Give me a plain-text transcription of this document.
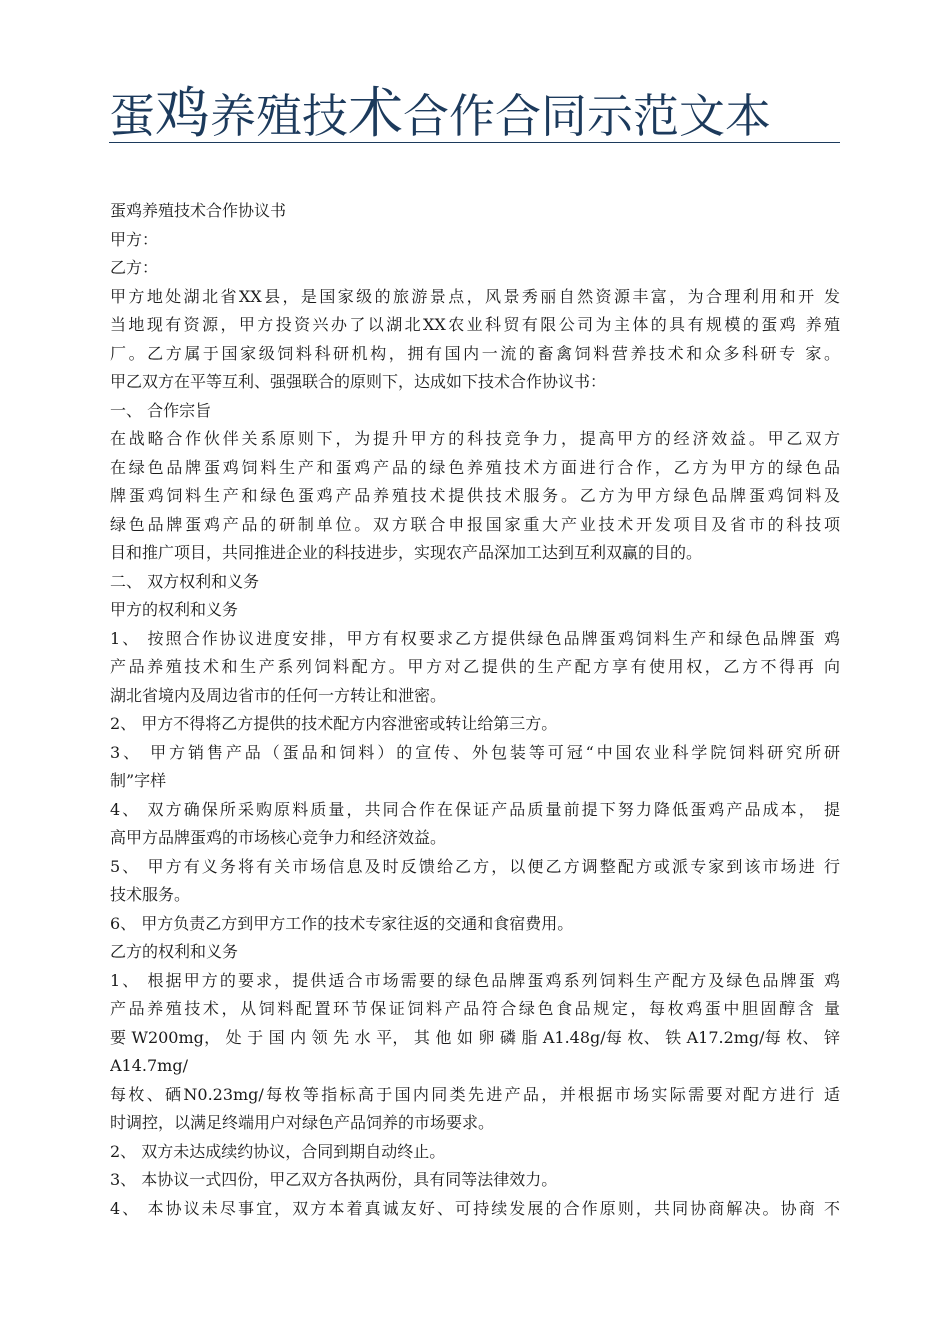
蛋鸡养殖技术合作合同示范文本
蛋鸡养殖技术合作协议书
甲方：
乙方：
甲方地处湖北省XX县，是国家级的旅游景点，风景秀丽自然资源丰富，为合理利用和开 发
当地现有资源，甲方投资兴办了以湖北XX农业科贸有限公司为主体的具有规模的蛋鸡 养殖
厂。乙方属于国家级饲料科研机构，拥有国内一流的畜禽饲料营养技术和众多科研专 家。
甲乙双方在平等互利、强强联合的原则下，达成如下技术合作协议书：
一、 合作宗旨
在战略合作伙伴关系原则下，为提升甲方的科技竞争力，提高甲方的经济效益。甲乙双方
在绿色品牌蛋鸡饲料生产和蛋鸡产品的绿色养殖技术方面进行合作，乙方为甲方的绿色品
牌蛋鸡饲料生产和绿色蛋鸡产品养殖技术提供技术服务。乙方为甲方绿色品牌蛋鸡饲料及
绿色品牌蛋鸡产品的研制单位。双方联合申报国家重大产业技术开发项目及省市的科技项
目和推广项目，共同推进企业的科技进步，实现农产品深加工达到互利双赢的目的。
二、 双方权利和义务
甲方的权利和义务
1、 按照合作协议进度安排，甲方有权要求乙方提供绿色品牌蛋鸡饲料生产和绿色品牌蛋 鸡
产品养殖技术和生产系列饲料配方。甲方对乙提供的生产配方享有使用权，乙方不得再 向
湖北省境内及周边省市的任何一方转让和泄密。
2、 甲方不得将乙方提供的技术配方内容泄密或转让给第三方。
3、 甲方销售产品（蛋品和饲料）的宣传、外包装等可冠“中国农业科学院饲料研究所研
制”字样
4、 双方确保所采购原料质量，共同合作在保证产品质量前提下努力降低蛋鸡产品成本， 提
高甲方品牌蛋鸡的市场核心竞争力和经济效益。
5、 甲方有义务将有关市场信息及时反馈给乙方，以便乙方调整配方或派专家到该市场进 行
技术服务。
6、 甲方负责乙方到甲方工作的技术专家往返的交通和食宿费用。
乙方的权利和义务
1、 根据甲方的要求，提供适合市场需要的绿色品牌蛋鸡系列饲料生产配方及绿色品牌蛋 鸡
产品养殖技术，从饲料配置环节保证饲料产品符合绿色食品规定，每枚鸡蛋中胆固醇含 量
要 W200mg， 处 于 国 内 领 先 水 平， 其 他 如 卵 磷 脂 A1.48g/每 枚、 铁 A17.2mg/每 枚、 锌
A14.7mg/
每枚、硒N0.23mg/每枚等指标高于国内同类先进产品，并根据市场实际需要对配方进行 适
时调控，以满足终端用户对绿色产品饲养的市场要求。
2、 双方未达成续约协议，合同到期自动终止。
3、 本协议一式四份，甲乙双方各执两份，具有同等法律效力。
4、 本协议未尽事宜，双方本着真诚友好、可持续发展的合作原则，共同协商解决。协商 不
